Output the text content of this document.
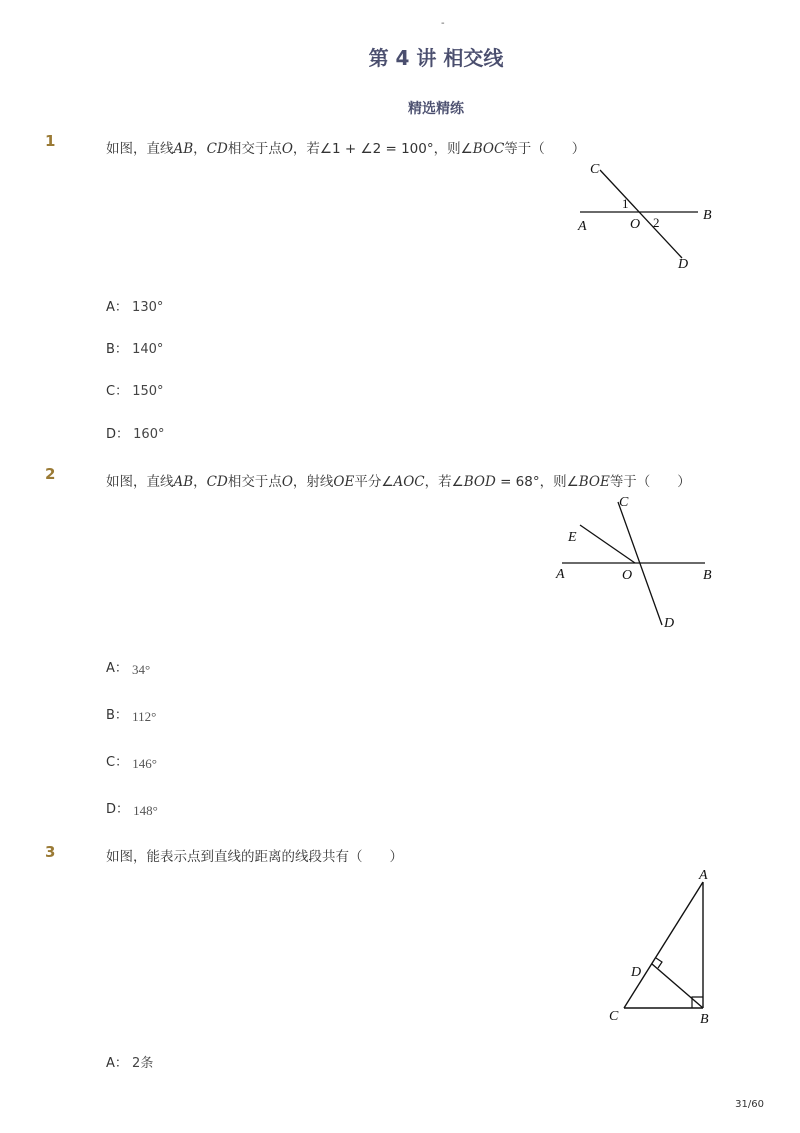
-
第 4 讲 相交线
精选精练
1	如图，直线AB，CD相交于点O，若∠1 + ∠2 = 100°，则∠BOC等于（　　）
C
A	O
B
D
1
2
A： 130°
B： 140°
C： 150°
D： 160°
2	如图，直线AB，CD相交于点O，射线OE平分∠AOC，若∠BOD = 68°，则∠BOE等于（　　）
C
E
A	O	B
D
A： 34°
B： 112°
C： 146°
D： 148°
3	如图，能表示点到直线的距离的线段共有（　　）
A
D
C	B
A： 2条
31/60
